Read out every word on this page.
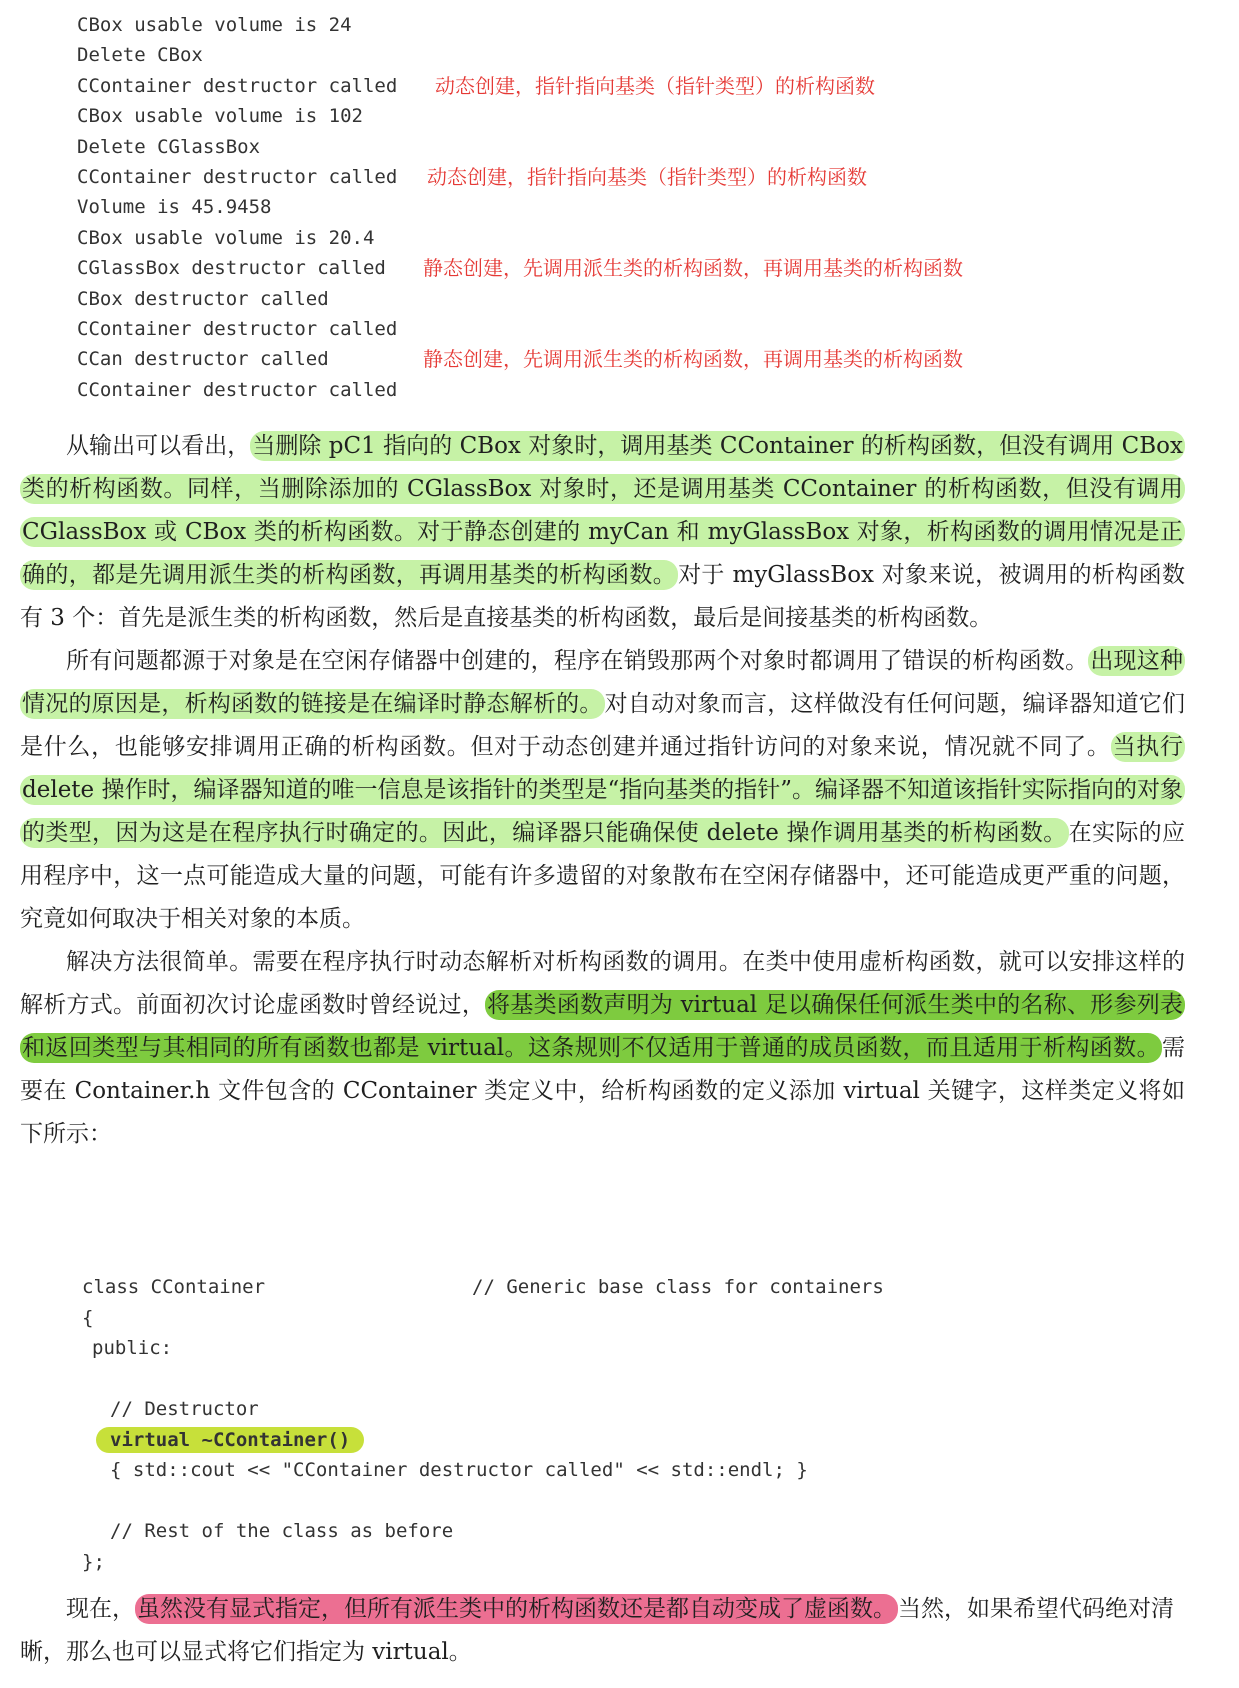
CBox usable volume is 24
Delete CBox
CContainer destructor called 动态创建，指针指向基类（指针类型）的析构函数
CBox usable volume is 102
Delete CGlassBox
CContainer destructor called 动态创建，指针指向基类（指针类型）的析构函数
Volume is 45.9458
CBox usable volume is 20.4
CGlassBox destructor called 静态创建，先调用派生类的析构函数，再调用基类的析构函数
CBox destructor called
CContainer destructor called
CCan destructor called	静态创建，先调用派生类的析构函数，再调用基类的析构函数
CContainer destructor called

从输出可以看出，当删除 pC1 指向的 CBox 对象时，调用基类 CContainer 的析构函数，但没有调用 CBox 类的析构函数。同样，当删除添加的 CGlassBox 对象时，还是调用基类 CContainer 的析构函数，但没有调用 CGlassBox 或 CBox 类的析构函数。对于静态创建的 myCan 和 myGlassBox 对象，析构函数的调用情况是正确的，都是先调用派生类的析构函数，再调用基类的析构函数。对于 myGlassBox 对象来说，被调用的析构函数有 3 个：首先是派生类的析构函数，然后是直接基类的析构函数，最后是间接基类的析构函数。

所有问题都源于对象是在空闲存储器中创建的，程序在销毁那两个对象时都调用了错误的析构函数。出现这种情况的原因是，析构函数的链接是在编译时静态解析的。对自动对象而言，这样做没有任何问题，编译器知道它们是什么，也能够安排调用正确的析构函数。但对于动态创建并通过指针访问的对象来说，情况就不同了。当执行 delete 操作时，编译器知道的唯一信息是该指针的类型是“指向基类的指针”。编译器不知道该指针实际指向的对象的类型，因为这是在程序执行时确定的。因此，编译器只能确保使 delete 操作调用基类的析构函数。在实际的应用程序中，这一点可能造成大量的问题，可能有许多遗留的对象散布在空闲存储器中，还可能造成更严重的问题，究竟如何取决于相关对象的本质。

解决方法很简单。需要在程序执行时动态解析对析构函数的调用。在类中使用虚析构函数，就可以安排这样的解析方式。前面初次讨论虚函数时曾经说过，将基类函数声明为 virtual 足以确保任何派生类中的名称、形参列表和返回类型与其相同的所有函数也都是 virtual。这条规则不仅适用于普通的成员函数，而且适用于析构函数。需要在 Container.h 文件包含的 CContainer 类定义中，给析构函数的定义添加 virtual 关键字，这样类定义将如下所示：

class CContainer	// Generic base class for containers
{
public:

// Destructor
virtual ~CContainer()
{ std::cout << "CContainer destructor called" << std::endl; }

// Rest of the class as before
};

现在，虽然没有显式指定，但所有派生类中的析构函数还是都自动变成了虚函数。当然，如果希望代码绝对清晰，那么也可以显式将它们指定为 virtual。
